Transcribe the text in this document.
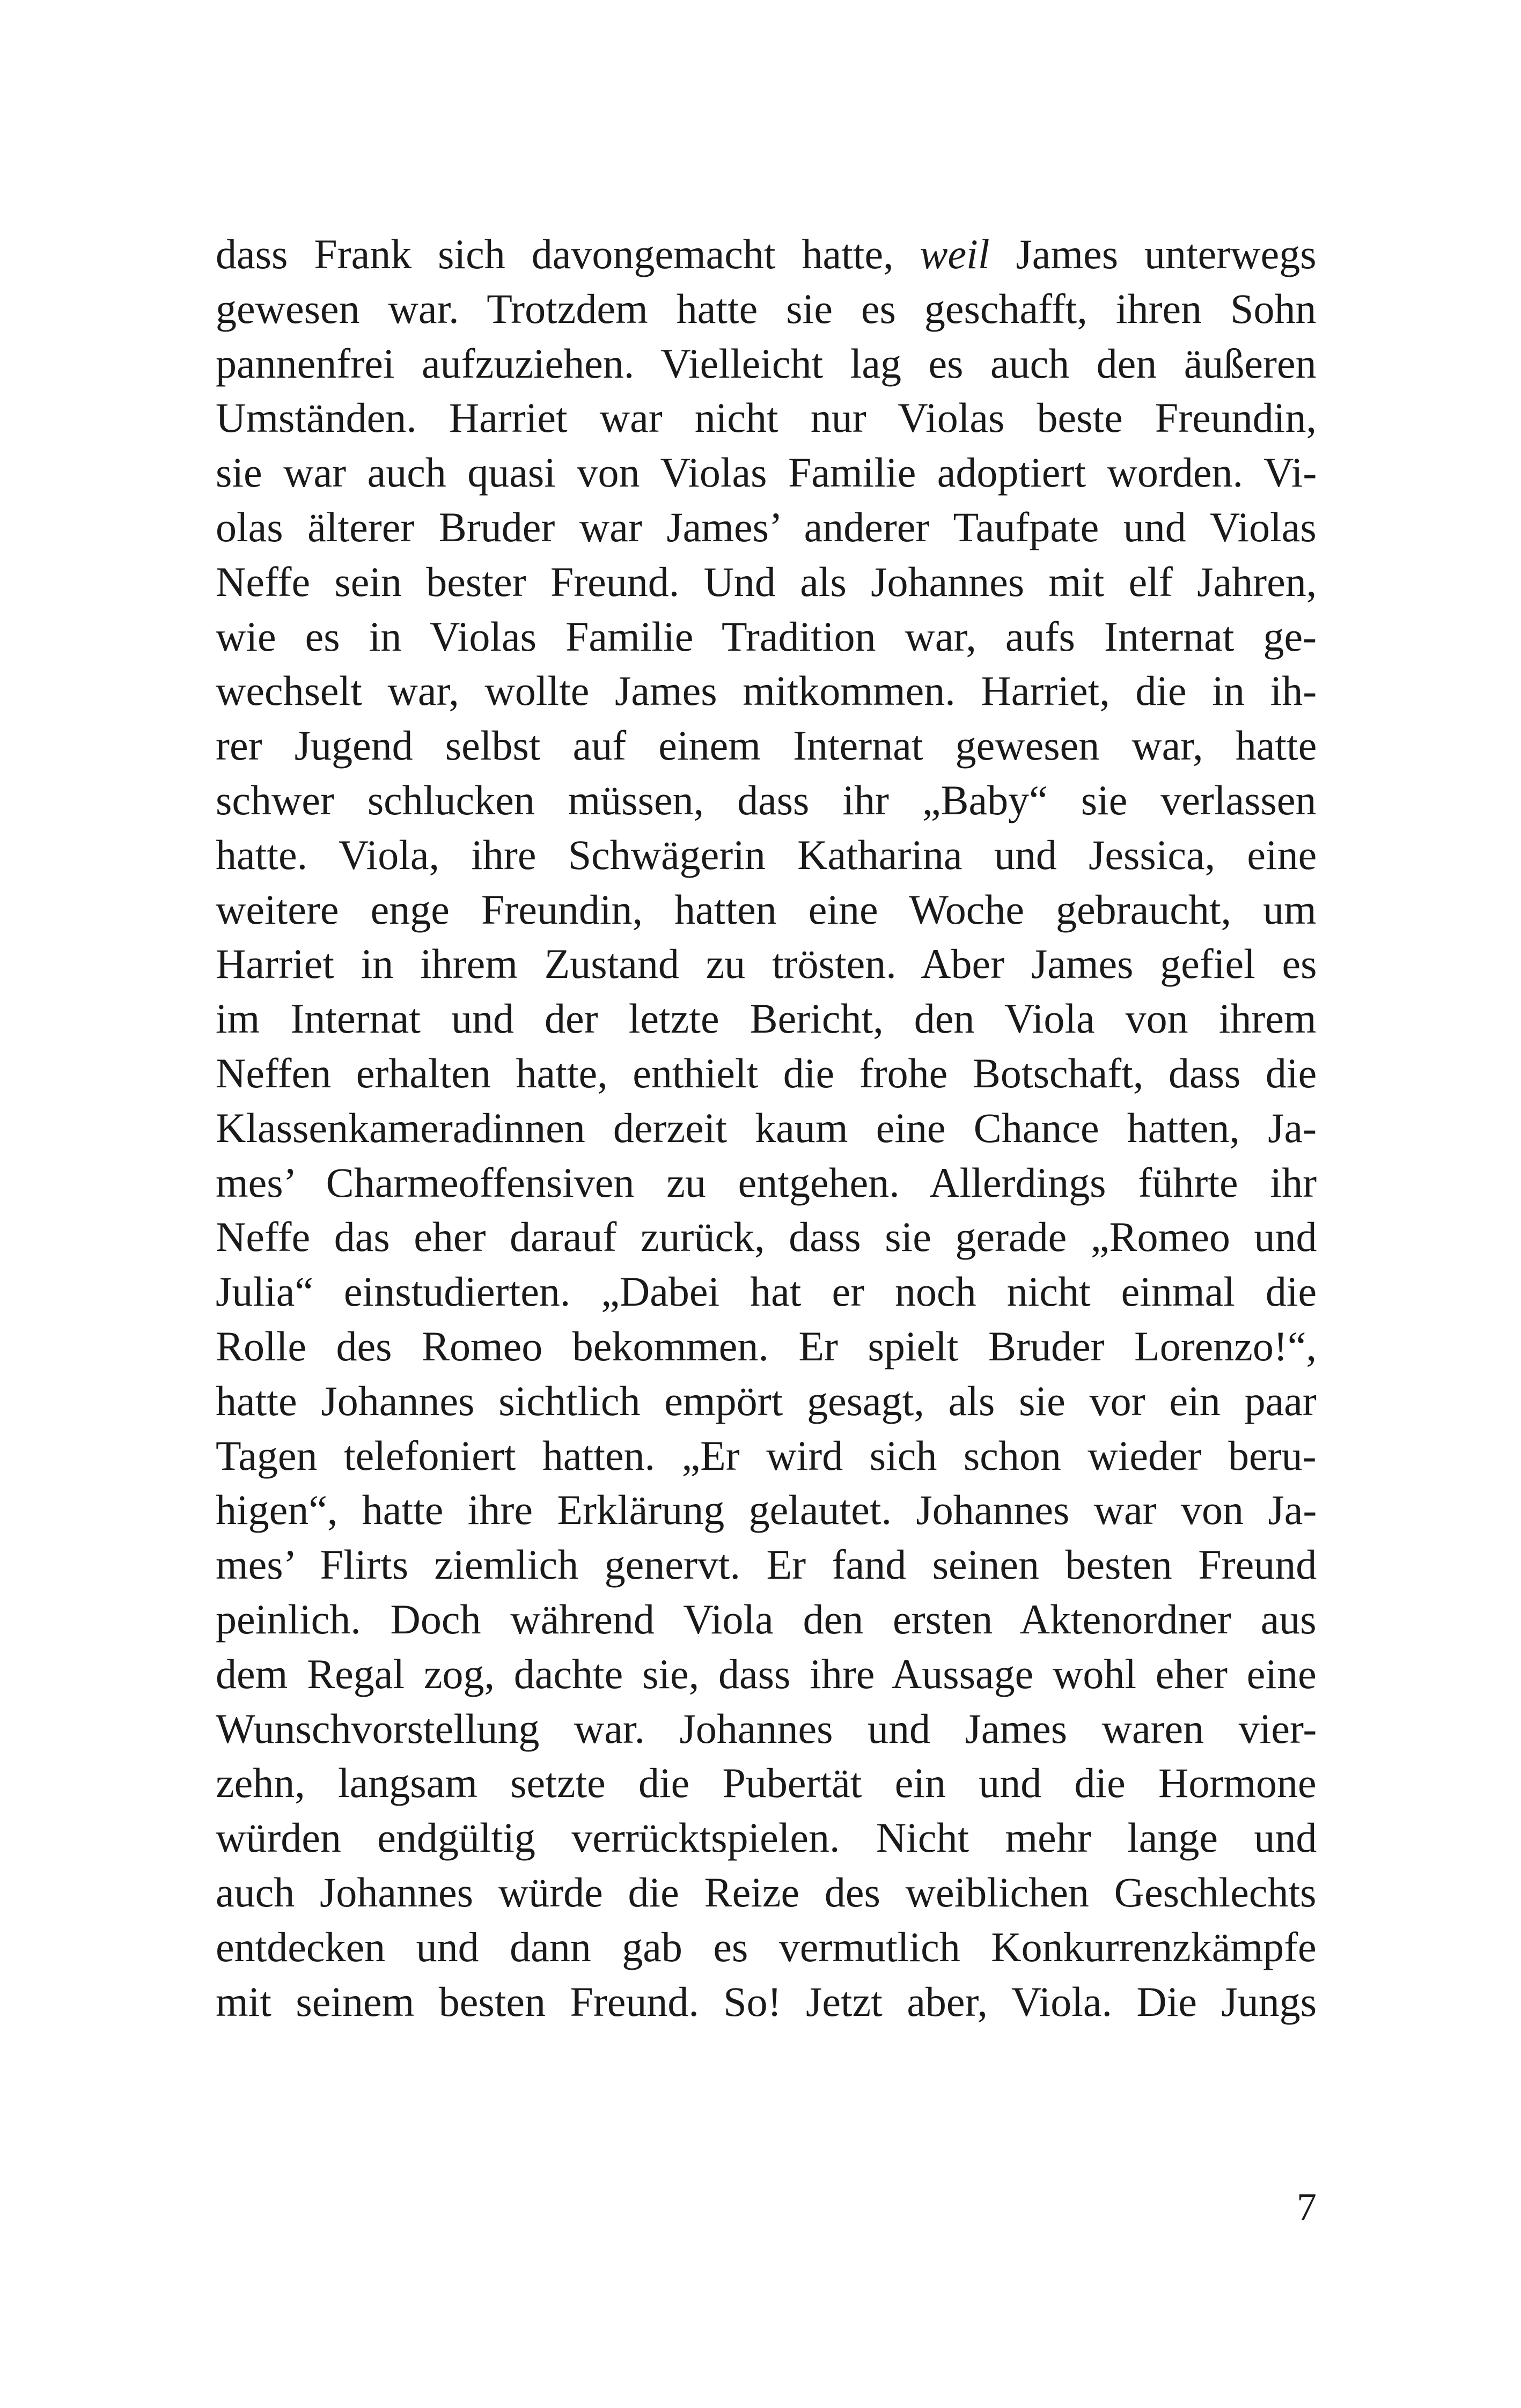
dass Frank sich davongemacht hatte, weil James unterwegs
gewesen war. Trotzdem hatte sie es geschafft, ihren Sohn
pannenfrei aufzuziehen. Vielleicht lag es auch den äußeren
Umständen. Harriet war nicht nur Violas beste Freundin,
sie war auch quasi von Violas Familie adoptiert worden. Vi-
olas älterer Bruder war James’ anderer Taufpate und Violas
Neffe sein bester Freund. Und als Johannes mit elf Jahren,
wie es in Violas Familie Tradition war, aufs Internat ge-
wechselt war, wollte James mitkommen. Harriet, die in ih-
rer Jugend selbst auf einem Internat gewesen war, hatte
schwer schlucken müssen, dass ihr „Baby“ sie verlassen
hatte. Viola, ihre Schwägerin Katharina und Jessica, eine
weitere enge Freundin, hatten eine Woche gebraucht, um
Harriet in ihrem Zustand zu trösten. Aber James gefiel es
im Internat und der letzte Bericht, den Viola von ihrem
Neffen erhalten hatte, enthielt die frohe Botschaft, dass die
Klassenkameradinnen derzeit kaum eine Chance hatten, Ja-
mes’ Charmeoffensiven zu entgehen. Allerdings führte ihr
Neffe das eher darauf zurück, dass sie gerade „Romeo und
Julia“ einstudierten. „Dabei hat er noch nicht einmal die
Rolle des Romeo bekommen. Er spielt Bruder Lorenzo!“,
hatte Johannes sichtlich empört gesagt, als sie vor ein paar
Tagen telefoniert hatten. „Er wird sich schon wieder beru-
higen“, hatte ihre Erklärung gelautet. Johannes war von Ja-
mes’ Flirts ziemlich genervt. Er fand seinen besten Freund
peinlich. Doch während Viola den ersten Aktenordner aus
dem Regal zog, dachte sie, dass ihre Aussage wohl eher eine
Wunschvorstellung war. Johannes und James waren vier-
zehn, langsam setzte die Pubertät ein und die Hormone
würden endgültig verrücktspielen. Nicht mehr lange und
auch Johannes würde die Reize des weiblichen Geschlechts
entdecken und dann gab es vermutlich Konkurrenzkämpfe
mit seinem besten Freund. So! Jetzt aber, Viola. Die Jungs
7
